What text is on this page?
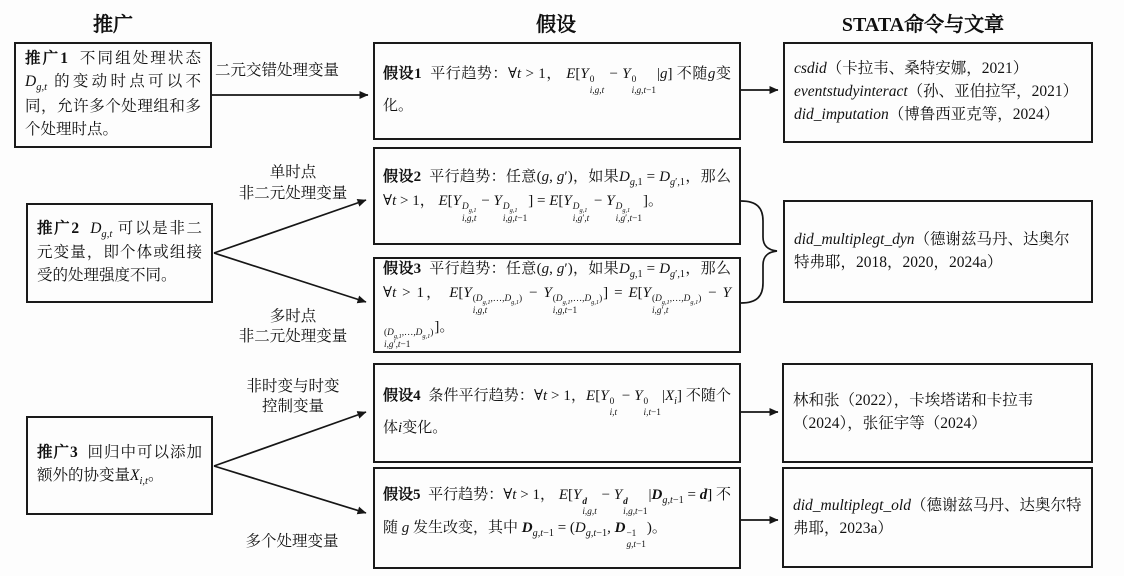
推广	假设	STATA命令与文章
推广1  不同组处理状态$D_{g,t}$ 的变动时点可以不同，允许多个处理组和多个处理时点。
推广2 $D_{g,t}$ 可以是非二元变量，即个体或组接受的处理强度不同。
推广3  回归中可以添加额外的协变量$X_{i,t}$。
假设1  平行趋势：∀t > 1， E[Y 0
i,g,t
− Y 0
i,g,t−1
|g] 不随g变化。
假设2  平行趋势：任意(g, g′)，如果$D_{g,1} = D_{g',1}$，那么 ∀t > 1， E[Y $D_{g,1}$
i,g,t
− Y $D_{g,1}$
i,g,t−1
] = E[Y $D_{g,1}$
i,g′,t
− Y $D_{g,1}$
i,g′,t−1
]。
假设3  平行趋势：任意(g, g′)，如果$D_{g,1} = D_{g',1}$，那么 ∀t > 1， E[Y $(D_{g,1},\dots,D_{g,1})$
i,g,t
− Y $(D_{g,1},\dots,D_{g,1})$
i,g,t−1
] = E[Y $(D_{g,1},\dots,D_{g,1})$
i,g′,t
− Y
$(D_{g,1},\dots,D_{g,1})$
i,g′,t−1
]。
假设4  条件平行趋势：∀t > 1，E[Y 0
i,t
− Y 0
i,t−1
$|X_i$] 不随个体i变化。
假设5  平行趋势：∀t > 1， E[Y d
i,g,t
− Y d
i,g,t−1
$|D_{g,t-1} = d$] 不随 g 发生改变，其中 $D_{g,t-1} = (D_{g,t-1}$, D −1
g,t−1
)。
csdid（卡拉韦、桑特安娜，2021）
eventstudyinteract（孙、亚伯拉罕，2021）
did_imputation（博鲁西亚克等，2024）
did_multiplegt_dyn（德谢兹马丹、达奥尔特弗耶，2018，2020，2024a）
林和张（2022），卡埃塔诺和卡拉韦（2024），张征宇等（2024）
did_multiplegt_old（德谢兹马丹、达奥尔特弗耶，2023a）
二元交错处理变量
单时点
非二元处理变量
多时点
非二元处理变量
非时变与时变
控制变量
多个处理变量
